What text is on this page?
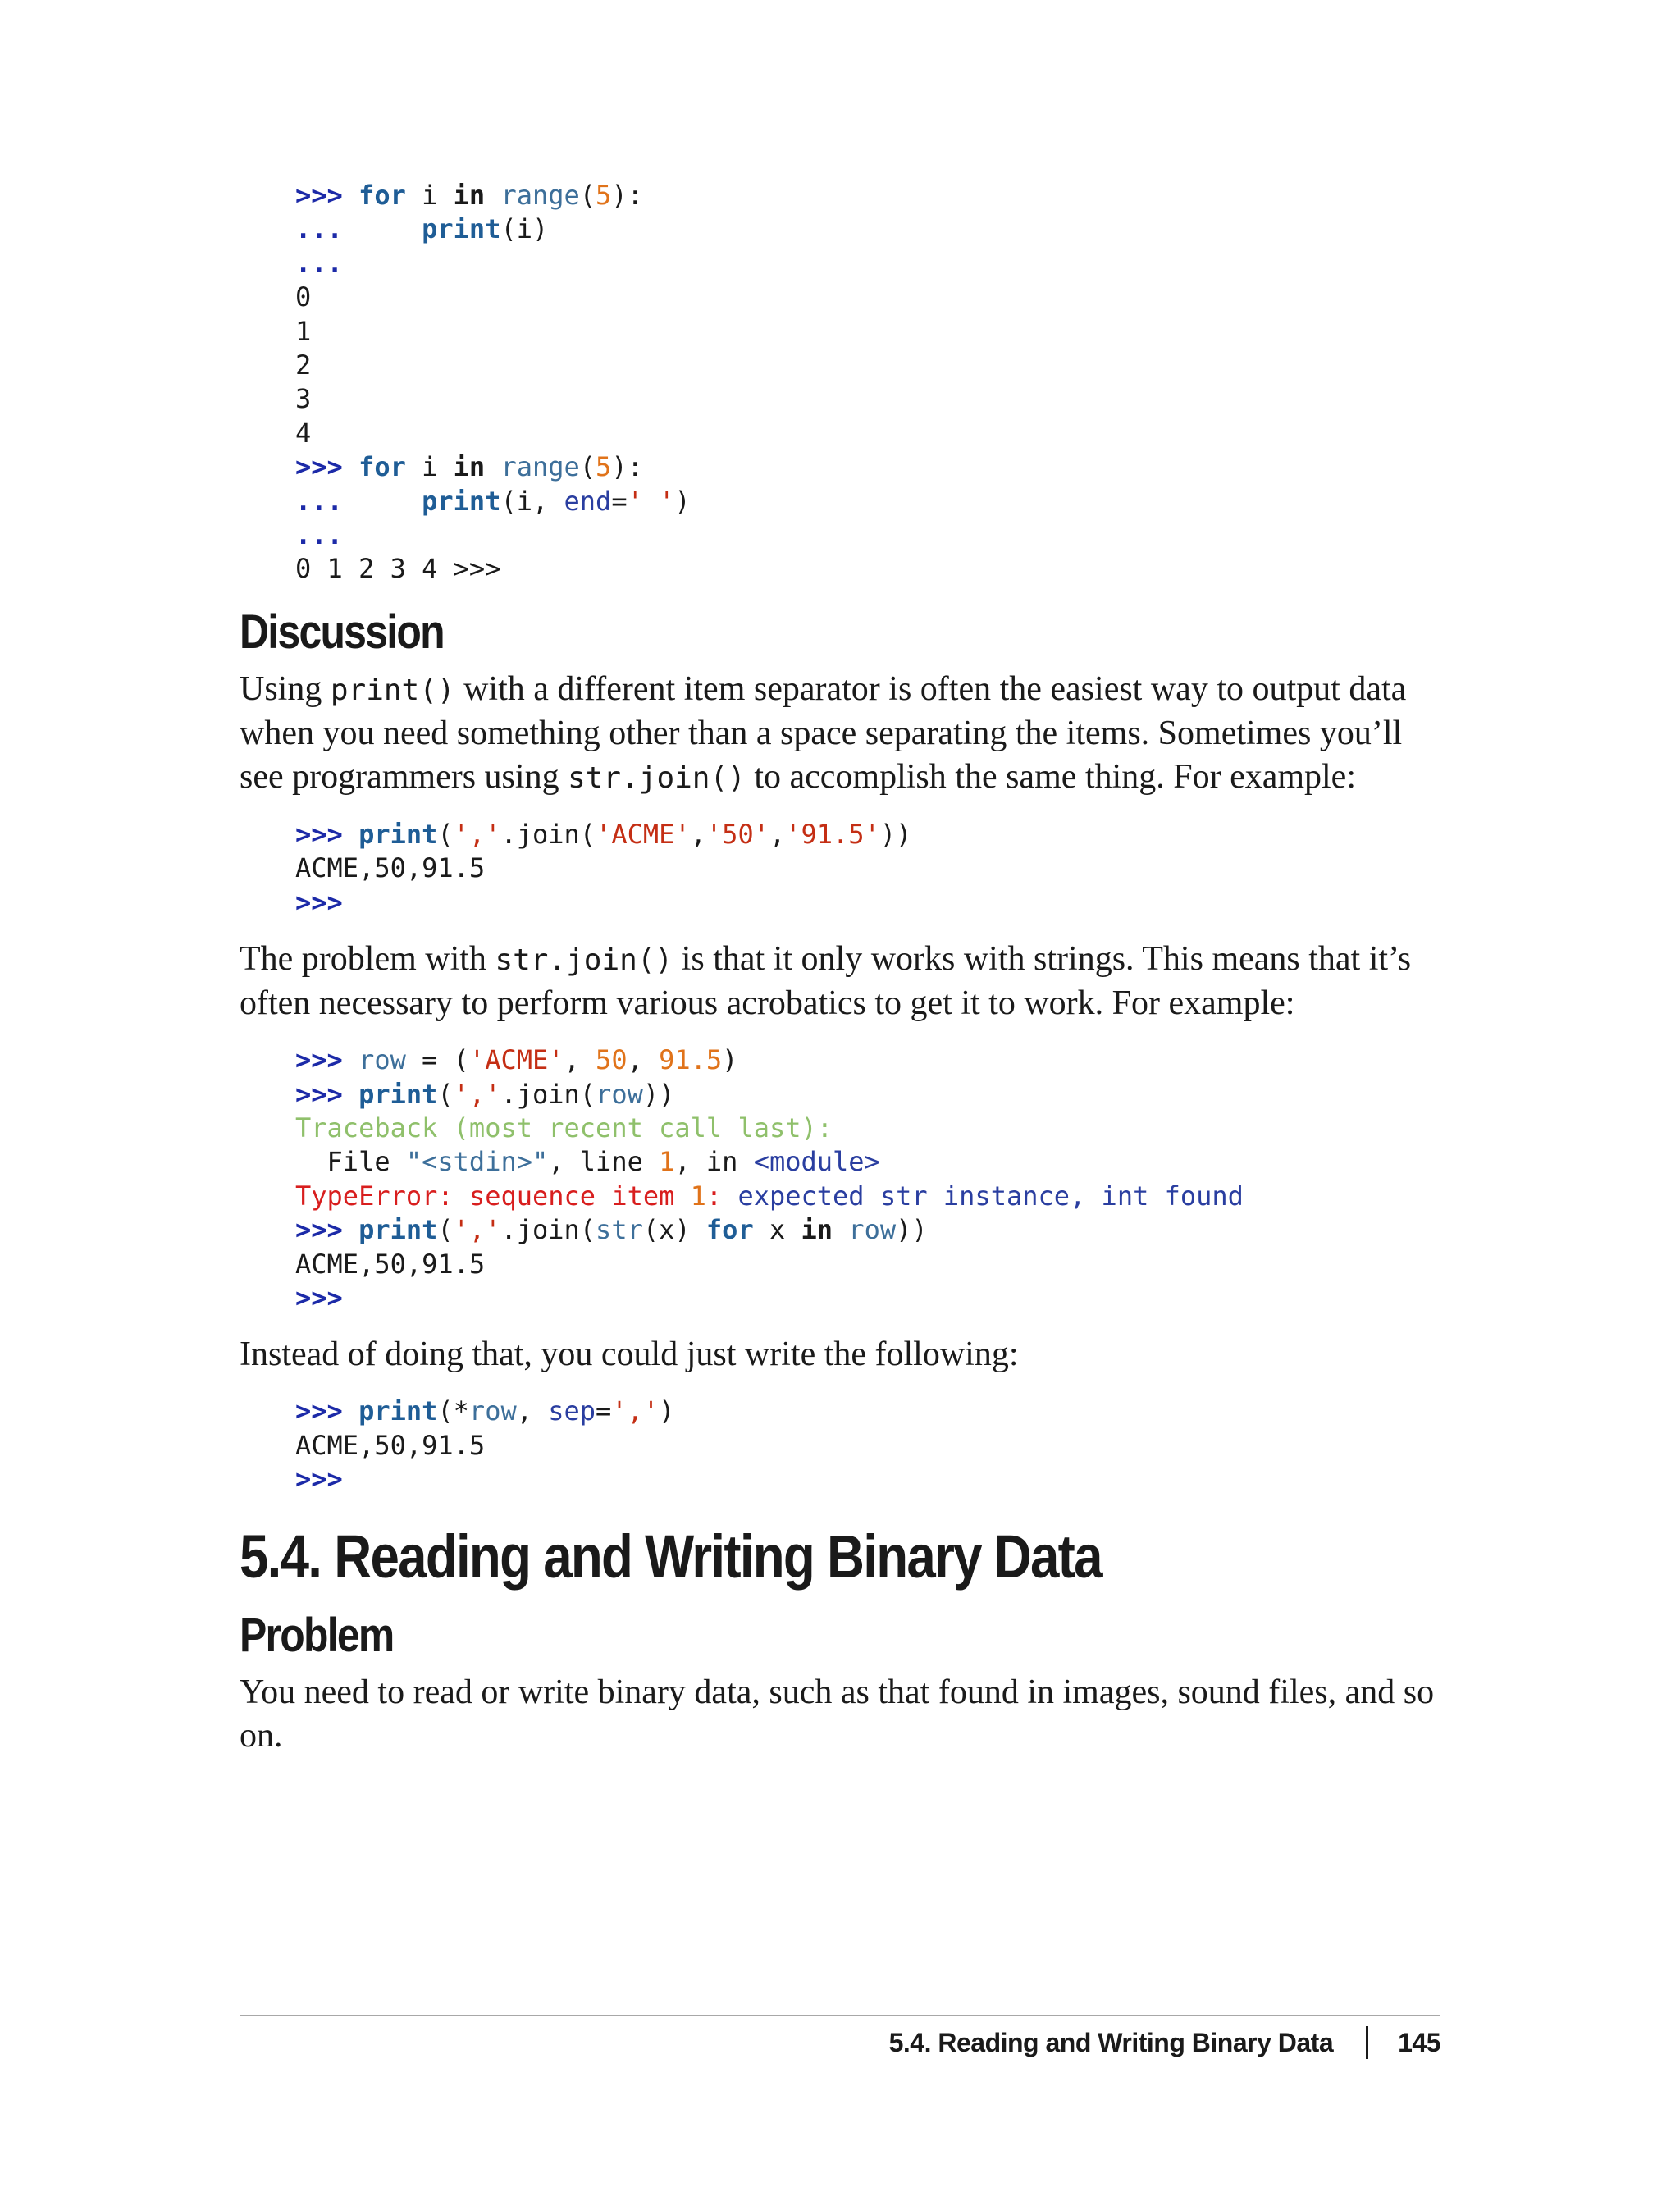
>>> for i in range(5):
...	print(i)
...
0
1
2
3
4
>>> for i in range(5):
...	print(i, end=' ')
...
0 1 2 3 4 >>>
Discussion

Using print() with a different item separator is often the easiest way to output data when you need something other than a space separating the items. Sometimes you’ll see programmers using str.join() to accomplish the same thing. For example:

>>> print(','.join('ACME','50','91.5'))
ACME,50,91.5
>>>

The problem with str.join() is that it only works with strings. This means that it’s often necessary to perform various acrobatics to get it to work. For example:

>>> row = ('ACME', 50, 91.5)
>>> print(','.join(row))
Traceback (most recent call last):
File "<stdin>", line 1, in <module>
TypeError: sequence item 1: expected str instance, int found
>>> print(','.join(str(x) for x in row))
ACME,50,91.5
>>>

Instead of doing that, you could just write the following:

>>> print(*row, sep=',')
ACME,50,91.5
>>>
5.4. Reading and Writing Binary Data
Problem

You need to read or write binary data, such as that found in images, sound files, and so on.

5.4. Reading and Writing Binary Data 145
